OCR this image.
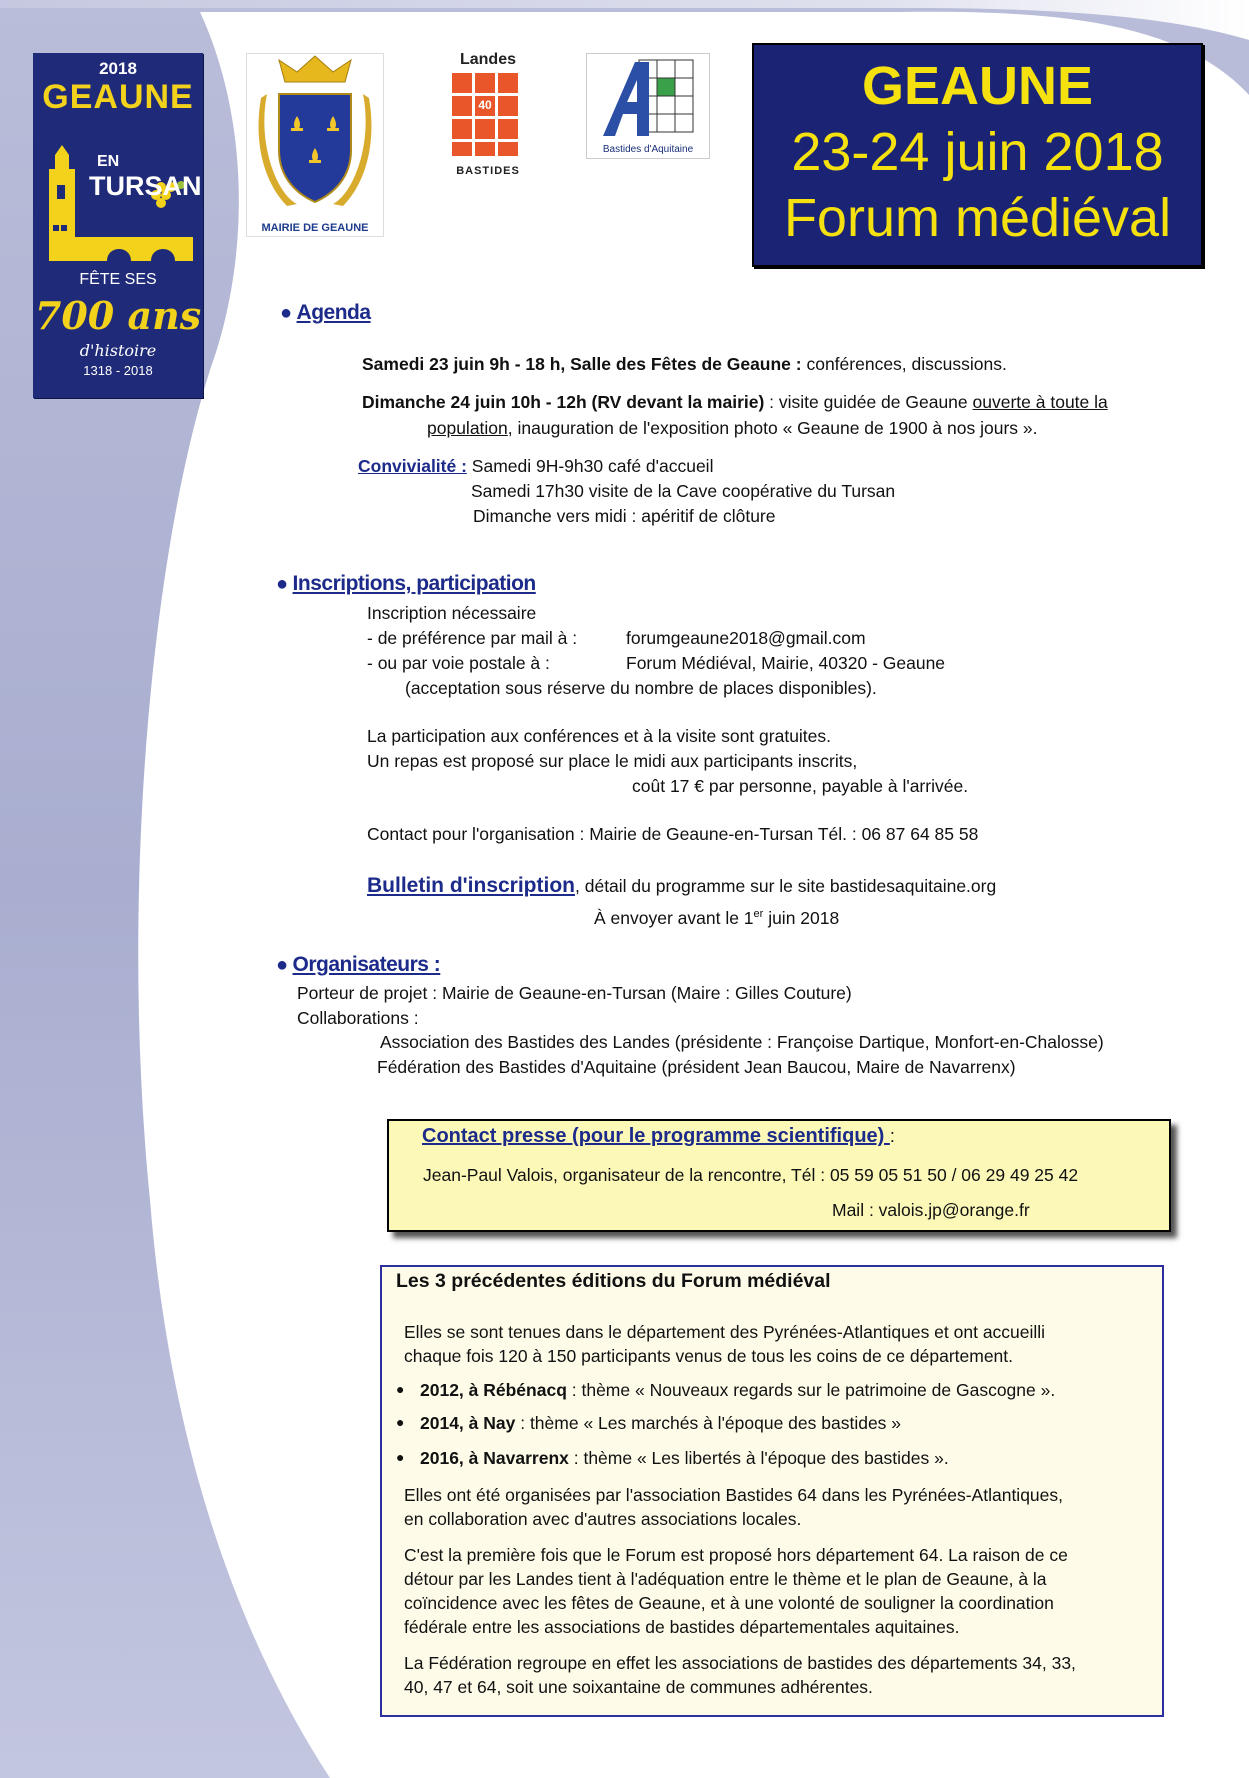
2018
GEAUNE
EN
TURSAN
FÊTE SES
700 ans
d'histoire
1318 - 2018
MAIRIE DE GEAUNE
Landes
40
BASTIDES
Bastides d'Aquitaine
GEAUNE
23-24 juin 2018
Forum médiéval
● Agenda
Samedi 23 juin 9h - 18 h, Salle des Fêtes de Geaune : conférences, discussions.
Dimanche 24 juin 10h - 12h (RV devant la mairie) : visite guidée de Geaune ouverte à toute la
population, inauguration de l'exposition photo « Geaune de 1900 à nos jours ».
Convivialité : Samedi 9H-9h30 café d'accueil
Samedi 17h30 visite de la Cave coopérative du Tursan
Dimanche vers midi : apéritif de clôture
● Inscriptions, participation
Inscription nécessaire
- de préférence par mail à :	forumgeaune2018@gmail.com
- ou par voie postale à :	Forum Médiéval, Mairie, 40320 - Geaune
(acceptation sous réserve du nombre de places disponibles).
La participation aux conférences et à la visite sont gratuites.
Un repas est proposé sur place le midi aux participants inscrits,
coût 17 € par personne, payable à l'arrivée.
Contact pour l'organisation : Mairie de Geaune-en-Tursan Tél. : 06 87 64 85 58
Bulletin d'inscription, détail du programme sur le site bastidesaquitaine.org
À envoyer avant le 1er juin 2018
● Organisateurs :
Porteur de projet : Mairie de Geaune-en-Tursan (Maire : Gilles Couture)
Collaborations :
Association des Bastides des Landes (présidente : Françoise Dartique, Monfort-en-Chalosse)
Fédération des Bastides d'Aquitaine (président Jean Baucou, Maire de Navarrenx)
Contact presse (pour le programme scientifique) :
Jean-Paul Valois, organisateur de la rencontre, Tél : 05 59 05 51 50 / 06 29 49 25 42
Mail : valois.jp@orange.fr
Les 3 précédentes éditions du Forum médiéval
Elles se sont tenues dans le département des Pyrénées-Atlantiques et ont accueilli
chaque fois 120 à 150 participants venus de tous les coins de ce département.
● 2012, à Rébénacq : thème « Nouveaux regards sur le patrimoine de Gascogne ».
● 2014, à Nay : thème « Les marchés à l'époque des bastides »
● 2016, à Navarrenx : thème « Les libertés à l'époque des bastides ».
Elles ont été organisées par l'association Bastides 64 dans les Pyrénées-Atlantiques,
en collaboration avec d'autres associations locales.
C'est la première fois que le Forum est proposé hors département 64. La raison de ce
détour par les Landes tient à l'adéquation entre le thème et le plan de Geaune, à la
coïncidence avec les fêtes de Geaune, et à une volonté de souligner la coordination
fédérale entre les associations de bastides départementales aquitaines.
La Fédération regroupe en effet les associations de bastides des départements 34, 33,
40, 47 et 64, soit une soixantaine de communes adhérentes.
